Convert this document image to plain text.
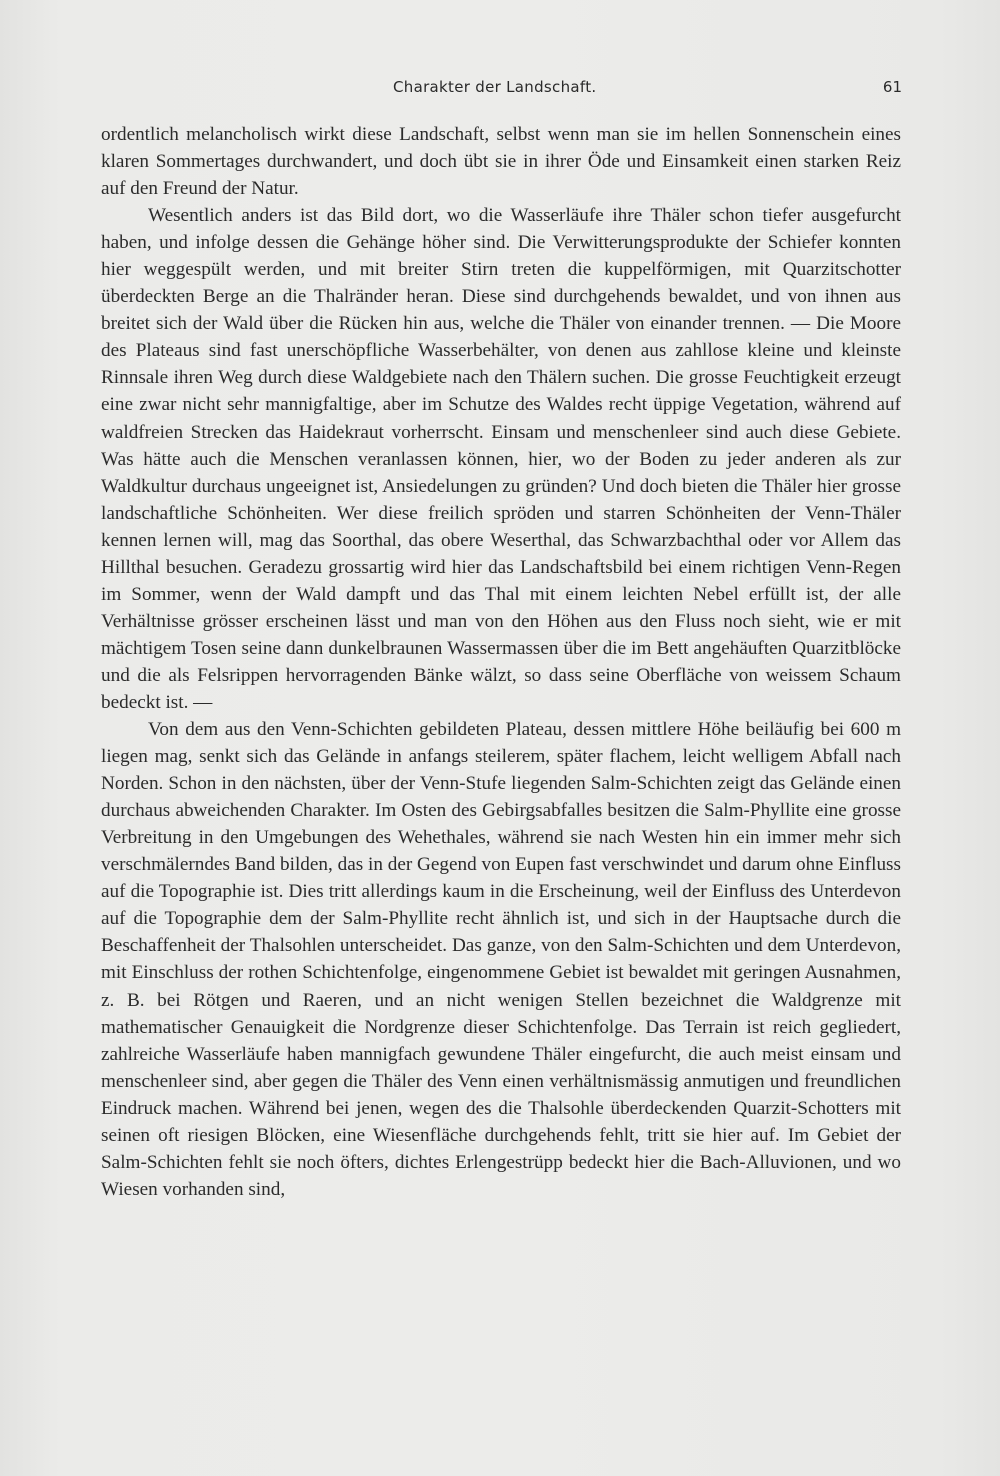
Charakter der Landschaft.	61

ordentlich melancholisch wirkt diese Landschaft, selbst wenn man sie im hellen Sonnenschein eines klaren Sommertages durchwandert, und doch übt sie in ihrer Öde und Einsamkeit einen starken Reiz auf den Freund der Natur.

Wesentlich anders ist das Bild dort, wo die Wasserläufe ihre Thäler schon tiefer ausgefurcht haben, und infolge dessen die Gehänge höher sind. Die Verwitterungsprodukte der Schiefer konnten hier weggespült werden, und mit breiter Stirn treten die kuppelförmigen, mit Quarzitschotter überdeckten Berge an die Thalränder heran. Diese sind durchgehends bewaldet, und von ihnen aus breitet sich der Wald über die Rücken hin aus, welche die Thäler von einander trennen. — Die Moore des Plateaus sind fast unerschöpfliche Wasserbehälter, von denen aus zahllose kleine und kleinste Rinnsale ihren Weg durch diese Waldgebiete nach den Thälern suchen. Die grosse Feuchtigkeit erzeugt eine zwar nicht sehr mannigfaltige, aber im Schutze des Waldes recht üppige Vegetation, während auf waldfreien Strecken das Haidekraut vorherrscht. Einsam und menschenleer sind auch diese Gebiete. Was hätte auch die Menschen veranlassen können, hier, wo der Boden zu jeder anderen als zur Waldkultur durchaus ungeeignet ist, Ansiedelungen zu gründen? Und doch bieten die Thäler hier grosse landschaftliche Schönheiten. Wer diese freilich spröden und starren Schönheiten der Venn-Thäler kennen lernen will, mag das Soorthal, das obere Weserthal, das Schwarzbachthal oder vor Allem das Hillthal besuchen. Geradezu grossartig wird hier das Landschaftsbild bei einem richtigen Venn-Regen im Sommer, wenn der Wald dampft und das Thal mit einem leichten Nebel erfüllt ist, der alle Verhältnisse grösser erscheinen lässt und man von den Höhen aus den Fluss noch sieht, wie er mit mächtigem Tosen seine dann dunkelbraunen Wassermassen über die im Bett angehäuften Quarzitblöcke und die als Felsrippen hervorragenden Bänke wälzt, so dass seine Oberfläche von weissem Schaum bedeckt ist. —

Von dem aus den Venn-Schichten gebildeten Plateau, dessen mittlere Höhe beiläufig bei 600 m liegen mag, senkt sich das Gelände in anfangs steilerem, später flachem, leicht welligem Abfall nach Norden. Schon in den nächsten, über der Venn-Stufe liegenden Salm-Schichten zeigt das Gelände einen durchaus abweichenden Charakter. Im Osten des Gebirgsabfalles besitzen die Salm-Phyllite eine grosse Verbreitung in den Umgebungen des Wehethales, während sie nach Westen hin ein immer mehr sich verschmälerndes Band bilden, das in der Gegend von Eupen fast verschwindet und darum ohne Einfluss auf die Topographie ist. Dies tritt allerdings kaum in die Erscheinung, weil der Einfluss des Unterdevon auf die Topographie dem der Salm-Phyllite recht ähnlich ist, und sich in der Hauptsache durch die Beschaffenheit der Thalsohlen unterscheidet. Das ganze, von den Salm-Schichten und dem Unterdevon, mit Einschluss der rothen Schichtenfolge, eingenommene Gebiet ist bewaldet mit geringen Ausnahmen, z. B. bei Rötgen und Raeren, und an nicht wenigen Stellen bezeichnet die Waldgrenze mit mathematischer Genauigkeit die Nordgrenze dieser Schichtenfolge. Das Terrain ist reich gegliedert, zahlreiche Wasserläufe haben mannigfach gewundene Thäler eingefurcht, die auch meist einsam und menschenleer sind, aber gegen die Thäler des Venn einen verhältnismässig anmutigen und freundlichen Eindruck machen. Während bei jenen, wegen des die Thalsohle überdeckenden Quarzit-Schotters mit seinen oft riesigen Blöcken, eine Wiesenfläche durchgehends fehlt, tritt sie hier auf. Im Gebiet der Salm-Schichten fehlt sie noch öfters, dichtes Erlengestrüpp bedeckt hier die Bach-Alluvionen, und wo Wiesen vorhanden sind,
